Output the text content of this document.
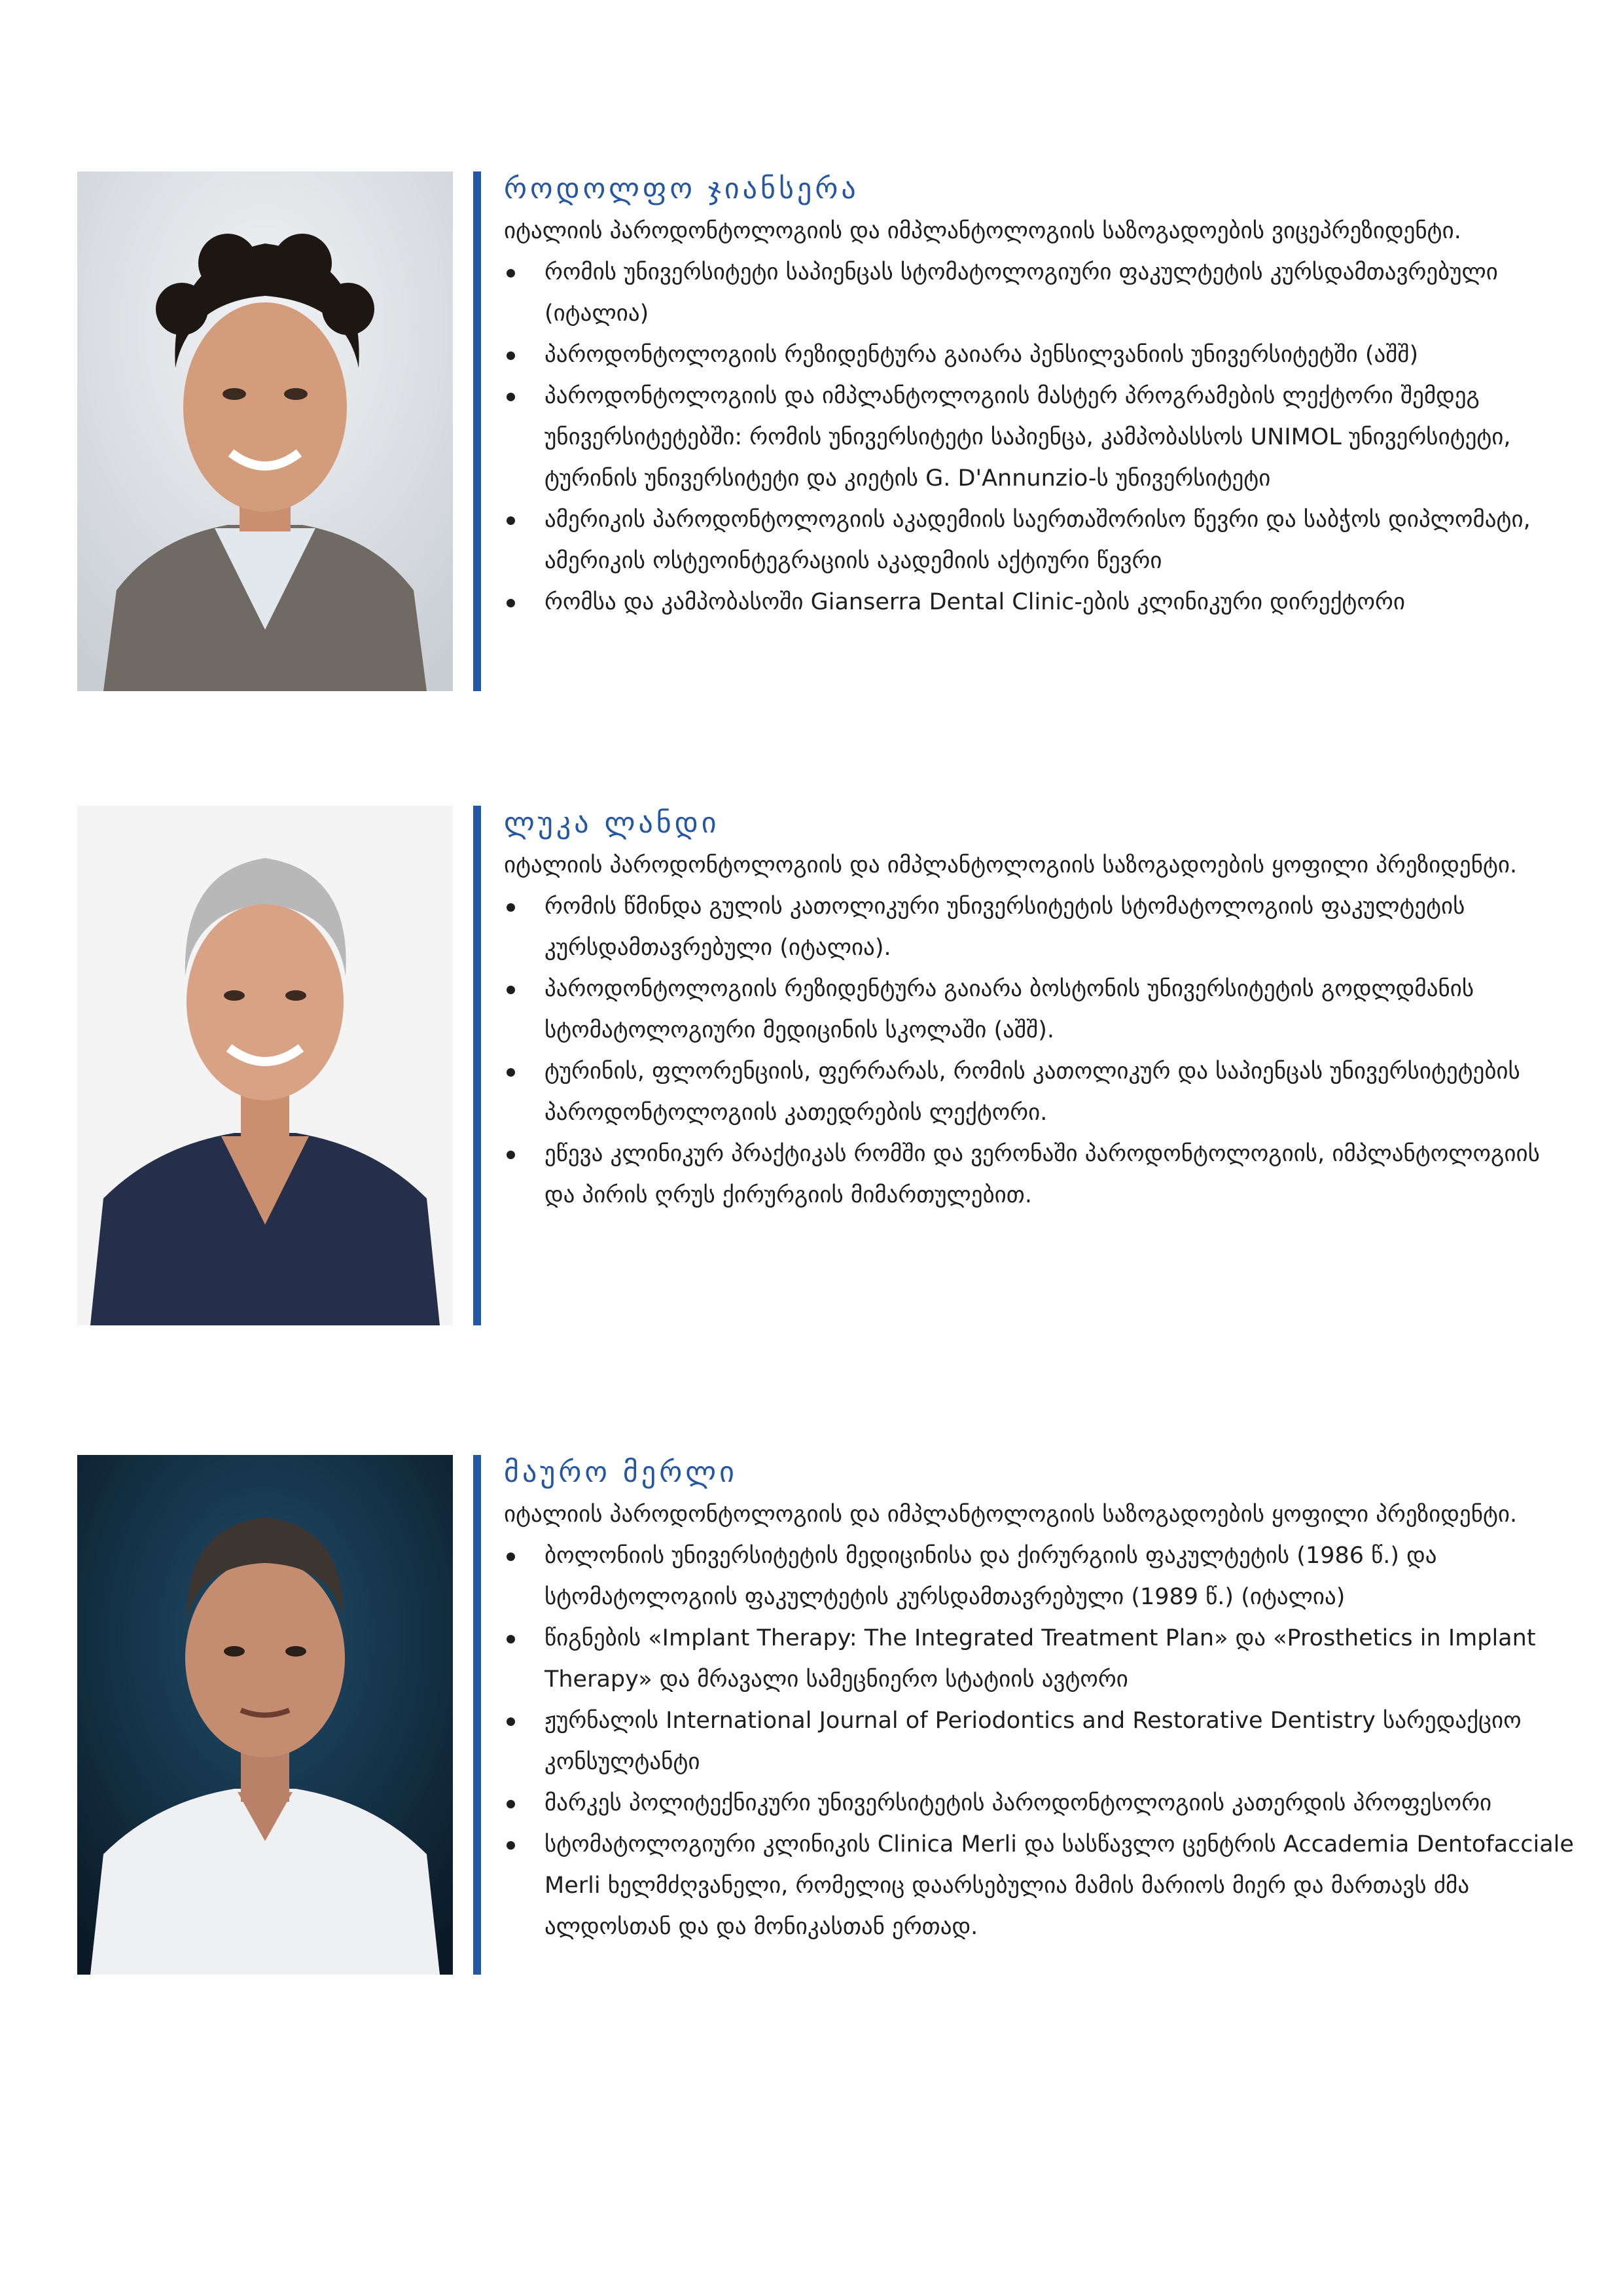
როდოლფო ჯიანსერა

იტალიის პაროდონტოლოგიის და იმპლანტოლოგიის საზოგადოების ვიცეპრეზიდენტი.

რომის უნივერსიტეტი საპიენცას სტომატოლოგიური ფაკულტეტის კურსდამთავრებული (იტალია)
პაროდონტოლოგიის რეზიდენტურა გაიარა პენსილვანიის უნივერსიტეტში (აშშ)
პაროდონტოლოგიის და იმპლანტოლოგიის მასტერ პროგრამების ლექტორი შემდეგ უნივერსიტეტებში: რომის უნივერსიტეტი საპიენცა, კამპობასსოს UNIMOL უნივერსიტეტი, ტურინის უნივერსიტეტი და კიეტის G. D'Annunzio-ს უნივერსიტეტი
ამერიკის პაროდონტოლოგიის აკადემიის საერთაშორისო წევრი და საბჭოს დიპლომატი, ამერიკის ოსტეოინტეგრაციის აკადემიის აქტიური წევრი
რომსა და კამპობასოში Gianserra Dental Clinic-ების კლინიკური დირექტორი
ლუკა ლანდი

იტალიის პაროდონტოლოგიის და იმპლანტოლოგიის საზოგადოების ყოფილი პრეზიდენტი.

რომის წმინდა გულის კათოლიკური უნივერსიტეტის სტომატოლოგიის ფაკულტეტის კურსდამთავრებული (იტალია).
პაროდონტოლოგიის რეზიდენტურა გაიარა ბოსტონის უნივერსიტეტის გოდლდმანის სტომატოლოგიური მედიცინის სკოლაში (აშშ).
ტურინის, ფლორენციის, ფერრარას, რომის კათოლიკურ და საპიენცას უნივერსიტეტების პაროდონტოლოგიის კათედრების ლექტორი.
ეწევა კლინიკურ პრაქტიკას რომში და ვერონაში პაროდონტოლოგიის, იმპლანტოლოგიის და პირის ღრუს ქირურგიის მიმართულებით.
მაურო მერლი

იტალიის პაროდონტოლოგიის და იმპლანტოლოგიის საზოგადოების ყოფილი პრეზიდენტი.

ბოლონიის უნივერსიტეტის მედიცინისა და ქირურგიის ფაკულტეტის (1986 წ.) და სტომატოლოგიის ფაკულტეტის კურსდამთავრებული (1989 წ.) (იტალია)
წიგნების «Implant Therapy: The Integrated Treatment Plan» და «Prosthetics in Implant Therapy» და მრავალი სამეცნიერო სტატიის ავტორი
ჟურნალის International Journal of Periodontics and Restorative Dentistry სარედაქციო კონსულტანტი
მარკეს პოლიტექნიკური უნივერსიტეტის პაროდონტოლოგიის კათერდის პროფესორი
სტომატოლოგიური კლინიკის Clinica Merli და სასწავლო ცენტრის Accademia Dentofacciale Merli ხელმძღვანელი, რომელიც დაარსებულია მამის მარიოს მიერ და მართავს ძმა ალდოსთან და და მონიკასთან ერთად.
